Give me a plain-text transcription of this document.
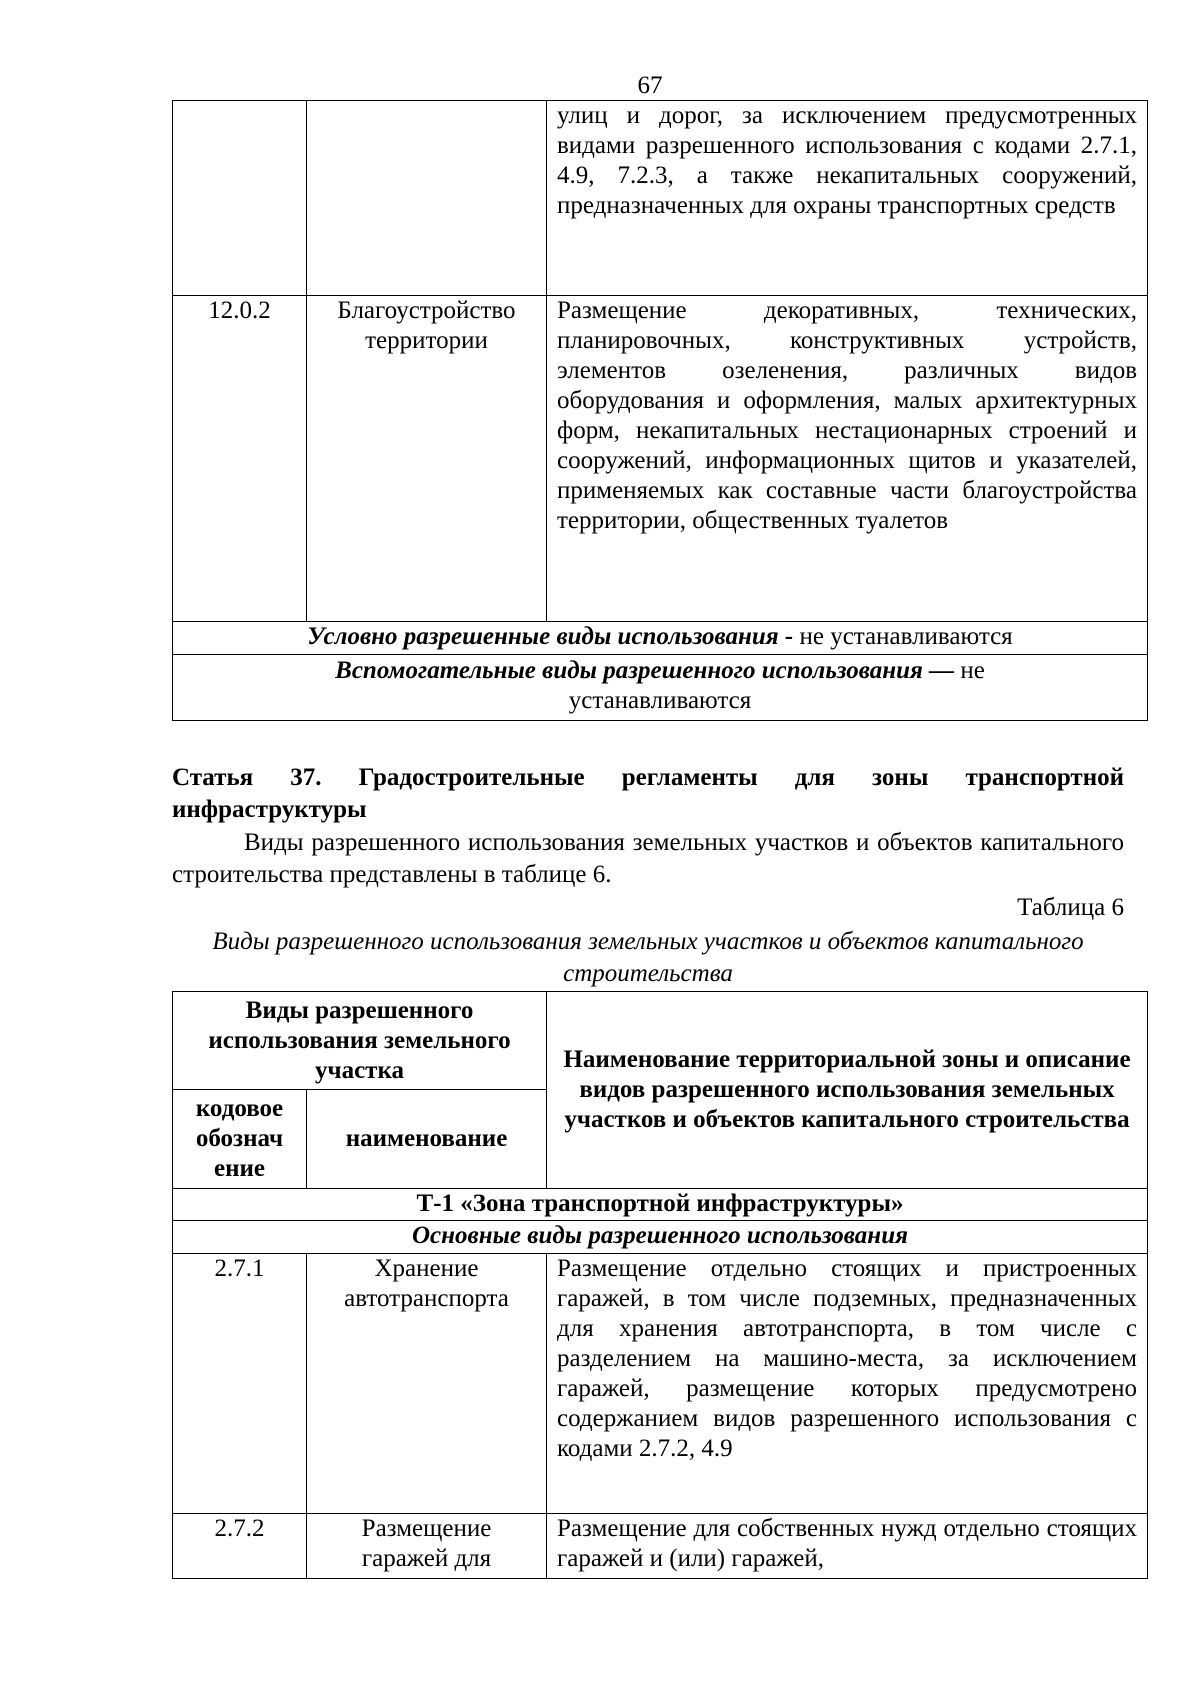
67
		улиц и дорог, за исключением предусмотренных видами разрешенного использования с кодами 2.7.1, 4.9, 7.2.3, а также некапитальных сооружений, предназначенных для охраны транспортных средств
12.0.2	Благоустройство территории	Размещение декоративных, технических, планировочных, конструктивных устройств, элементов озеленения, различных видов оборудования и оформления, малых архитектурных форм, некапитальных нестационарных строений и сооружений, информационных щитов и указателей, применяемых как составные части благоустройства территории, общественных туалетов
Условно разрешенные виды использования - не устанавливаются		
Вспомогательные виды разрешенного использования — не устанавливаются		
Статья 37. Градостроительные регламенты для зоны транспортной инфраструктуры
Виды разрешенного использования земельных участков и объектов капитального строительства представлены в таблице 6.
Таблица 6
Виды разрешенного использования земельных участков и объектов капитального строительства
Виды разрешенного использования земельного участка		Наименование территориальной зоны и описание видов разрешенного использования земельных участков и объектов капитального строительства
кодовое обознач ение	наименование	
Т-1 «Зона транспортной инфраструктуры»		
Основные виды разрешенного использования		
2.7.1	Хранение автотранспорта	Размещение отдельно стоящих и пристроенных гаражей, в том числе подземных, предназначенных для хранения автотранспорта, в том числе с разделением на машино-места, за исключением гаражей, размещение которых предусмотрено содержанием видов разрешенного использования с кодами 2.7.2, 4.9
2.7.2	Размещение гаражей для	Размещение для собственных нужд отдельно стоящих гаражей и (или) гаражей,
